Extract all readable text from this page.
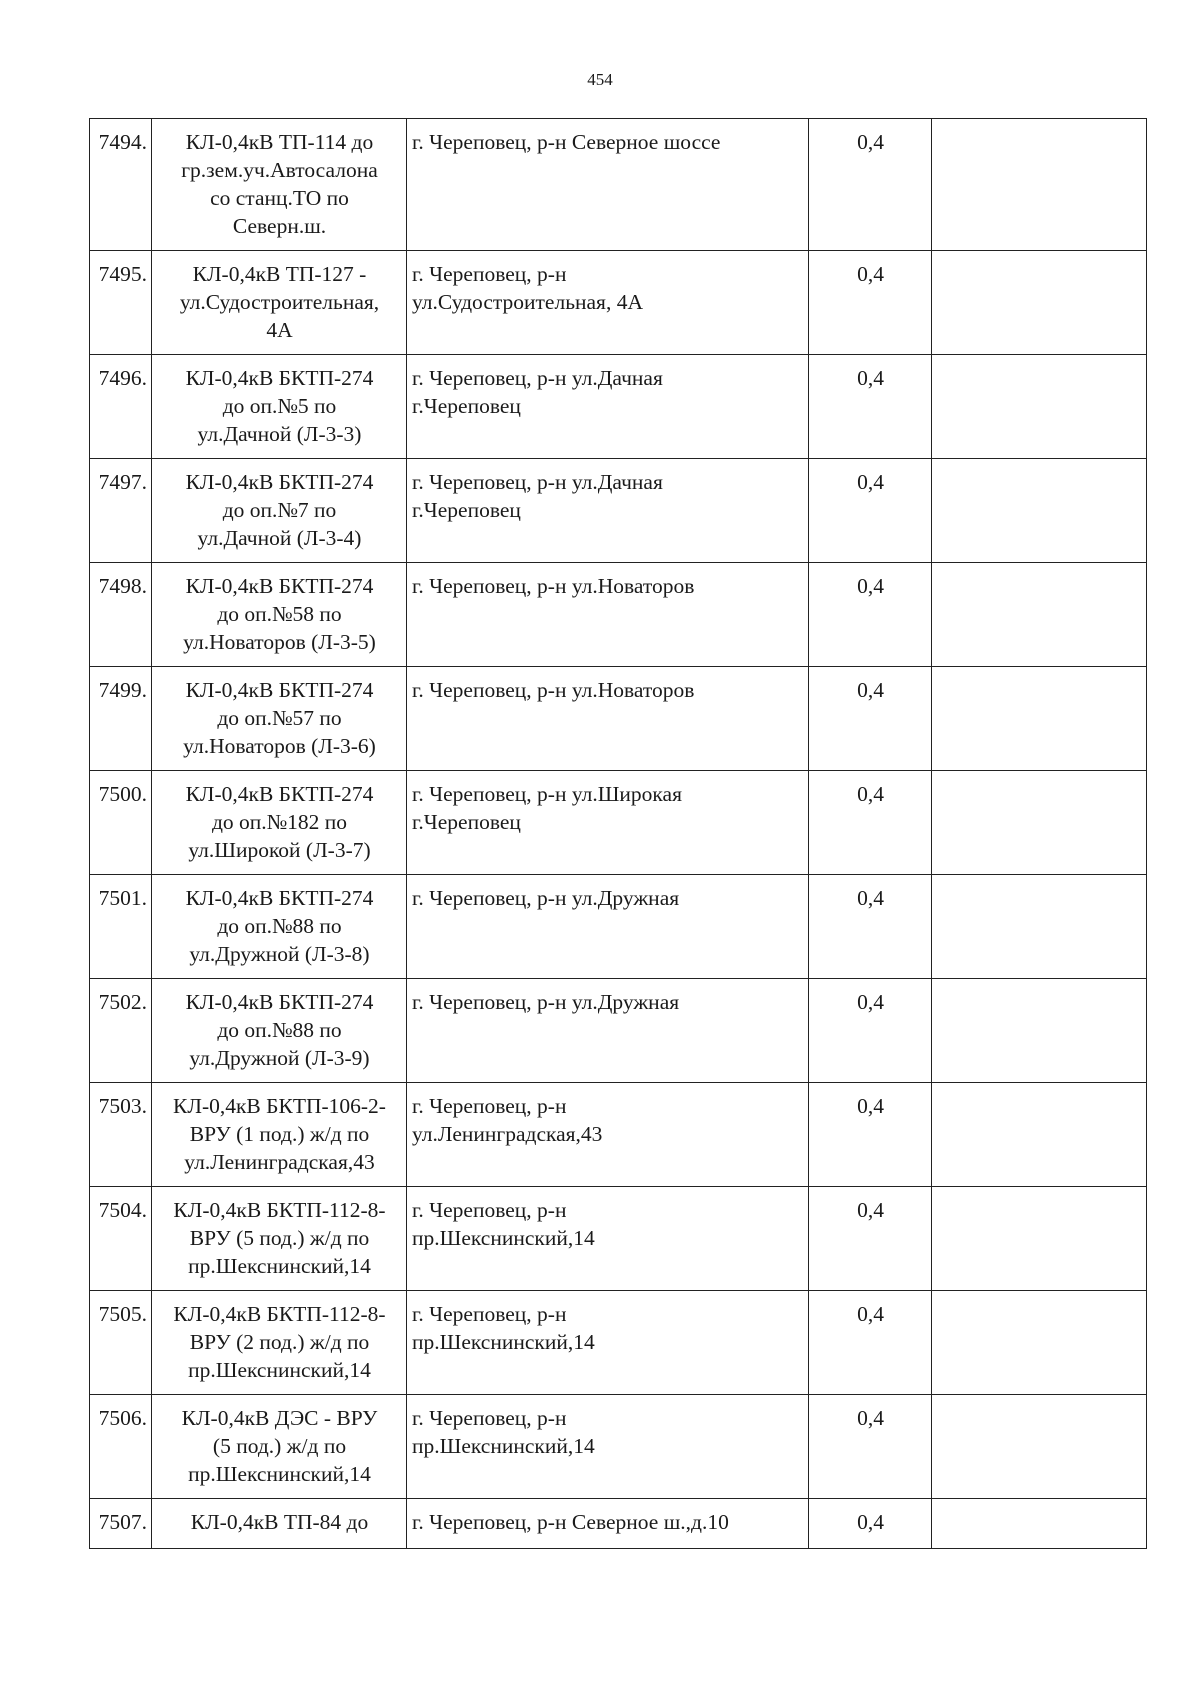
454
7494.	КЛ-0,4кВ ТП-114 до
гр.зем.уч.Автосалона
со станц.ТО по
Северн.ш.	г. Череповец, р-н Северное шоссе	0,4	
7495.	КЛ-0,4кВ ТП-127 -
ул.Судостроительная,
4А	г. Череповец, р-н
ул.Судостроительная, 4А	0,4	
7496.	КЛ-0,4кВ БКТП-274
до оп.№5 по
ул.Дачной (Л-3-3)	г. Череповец, р-н ул.Дачная
г.Череповец	0,4	
7497.	КЛ-0,4кВ БКТП-274
до оп.№7 по
ул.Дачной (Л-3-4)	г. Череповец, р-н ул.Дачная
г.Череповец	0,4	
7498.	КЛ-0,4кВ БКТП-274
до оп.№58 по
ул.Новаторов (Л-3-5)	г. Череповец, р-н ул.Новаторов	0,4	
7499.	КЛ-0,4кВ БКТП-274
до оп.№57 по
ул.Новаторов (Л-3-6)	г. Череповец, р-н ул.Новаторов	0,4	
7500.	КЛ-0,4кВ БКТП-274
до оп.№182 по
ул.Широкой (Л-3-7)	г. Череповец, р-н ул.Широкая
г.Череповец	0,4	
7501.	КЛ-0,4кВ БКТП-274
до оп.№88 по
ул.Дружной (Л-3-8)	г. Череповец, р-н ул.Дружная	0,4	
7502.	КЛ-0,4кВ БКТП-274
до оп.№88 по
ул.Дружной (Л-3-9)	г. Череповец, р-н ул.Дружная	0,4	
7503.	КЛ-0,4кВ БКТП-106-2-
ВРУ (1 под.) ж/д по
ул.Ленинградская,43	г. Череповец, р-н
ул.Ленинградская,43	0,4	
7504.	КЛ-0,4кВ БКТП-112-8-
ВРУ (5 под.) ж/д по
пр.Шекснинский,14	г. Череповец, р-н
пр.Шекснинский,14	0,4	
7505.	КЛ-0,4кВ БКТП-112-8-
ВРУ (2 под.) ж/д по
пр.Шекснинский,14	г. Череповец, р-н
пр.Шекснинский,14	0,4	
7506.	КЛ-0,4кВ ДЭС - ВРУ
(5 под.) ж/д по
пр.Шекснинский,14	г. Череповец, р-н
пр.Шекснинский,14	0,4	
7507.	КЛ-0,4кВ ТП-84 до	г. Череповец, р-н Северное ш.,д.10	0,4	
